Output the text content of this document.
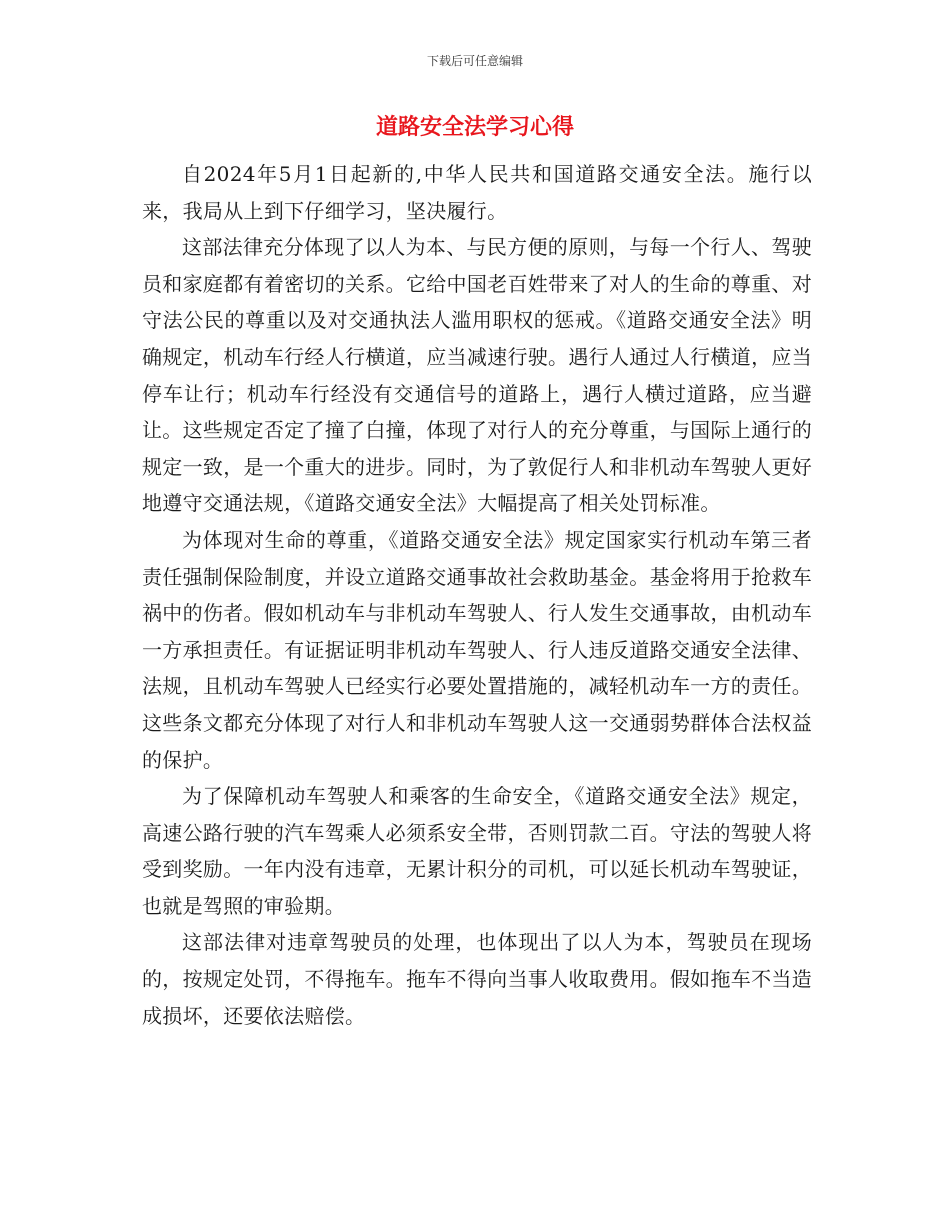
下载后可任意编辑
道路安全法学习心得

自2024年5月1日起新的,中华人民共和国道路交通安全法。施行以来，我局从上到下仔细学习，坚决履行。

这部法律充分体现了以人为本、与民方便的原则，与每一个行人、驾驶员和家庭都有着密切的关系。它给中国老百姓带来了对人的生命的尊重、对守法公民的尊重以及对交通执法人滥用职权的惩戒。《道路交通安全法》明确规定，机动车行经人行横道，应当减速行驶。遇行人通过人行横道，应当停车让行；机动车行经没有交通信号的道路上，遇行人横过道路，应当避让。这些规定否定了撞了白撞，体现了对行人的充分尊重，与国际上通行的规定一致，是一个重大的进步。同时，为了敦促行人和非机动车驾驶人更好地遵守交通法规，《道路交通安全法》大幅提高了相关处罚标准。

为体现对生命的尊重，《道路交通安全法》规定国家实行机动车第三者责任强制保险制度，并设立道路交通事故社会救助基金。基金将用于抢救车祸中的伤者。假如机动车与非机动车驾驶人、行人发生交通事故，由机动车一方承担责任。有证据证明非机动车驾驶人、行人违反道路交通安全法律、法规，且机动车驾驶人已经实行必要处置措施的，减轻机动车一方的责任。这些条文都充分体现了对行人和非机动车驾驶人这一交通弱势群体合法权益的保护。

为了保障机动车驾驶人和乘客的生命安全，《道路交通安全法》规定，高速公路行驶的汽车驾乘人必须系安全带，否则罚款二百。守法的驾驶人将受到奖励。一年内没有违章，无累计积分的司机，可以延长机动车驾驶证，也就是驾照的审验期。

这部法律对违章驾驶员的处理，也体现出了以人为本，驾驶员在现场的，按规定处罚，不得拖车。拖车不得向当事人收取费用。假如拖车不当造成损坏，还要依法赔偿。
